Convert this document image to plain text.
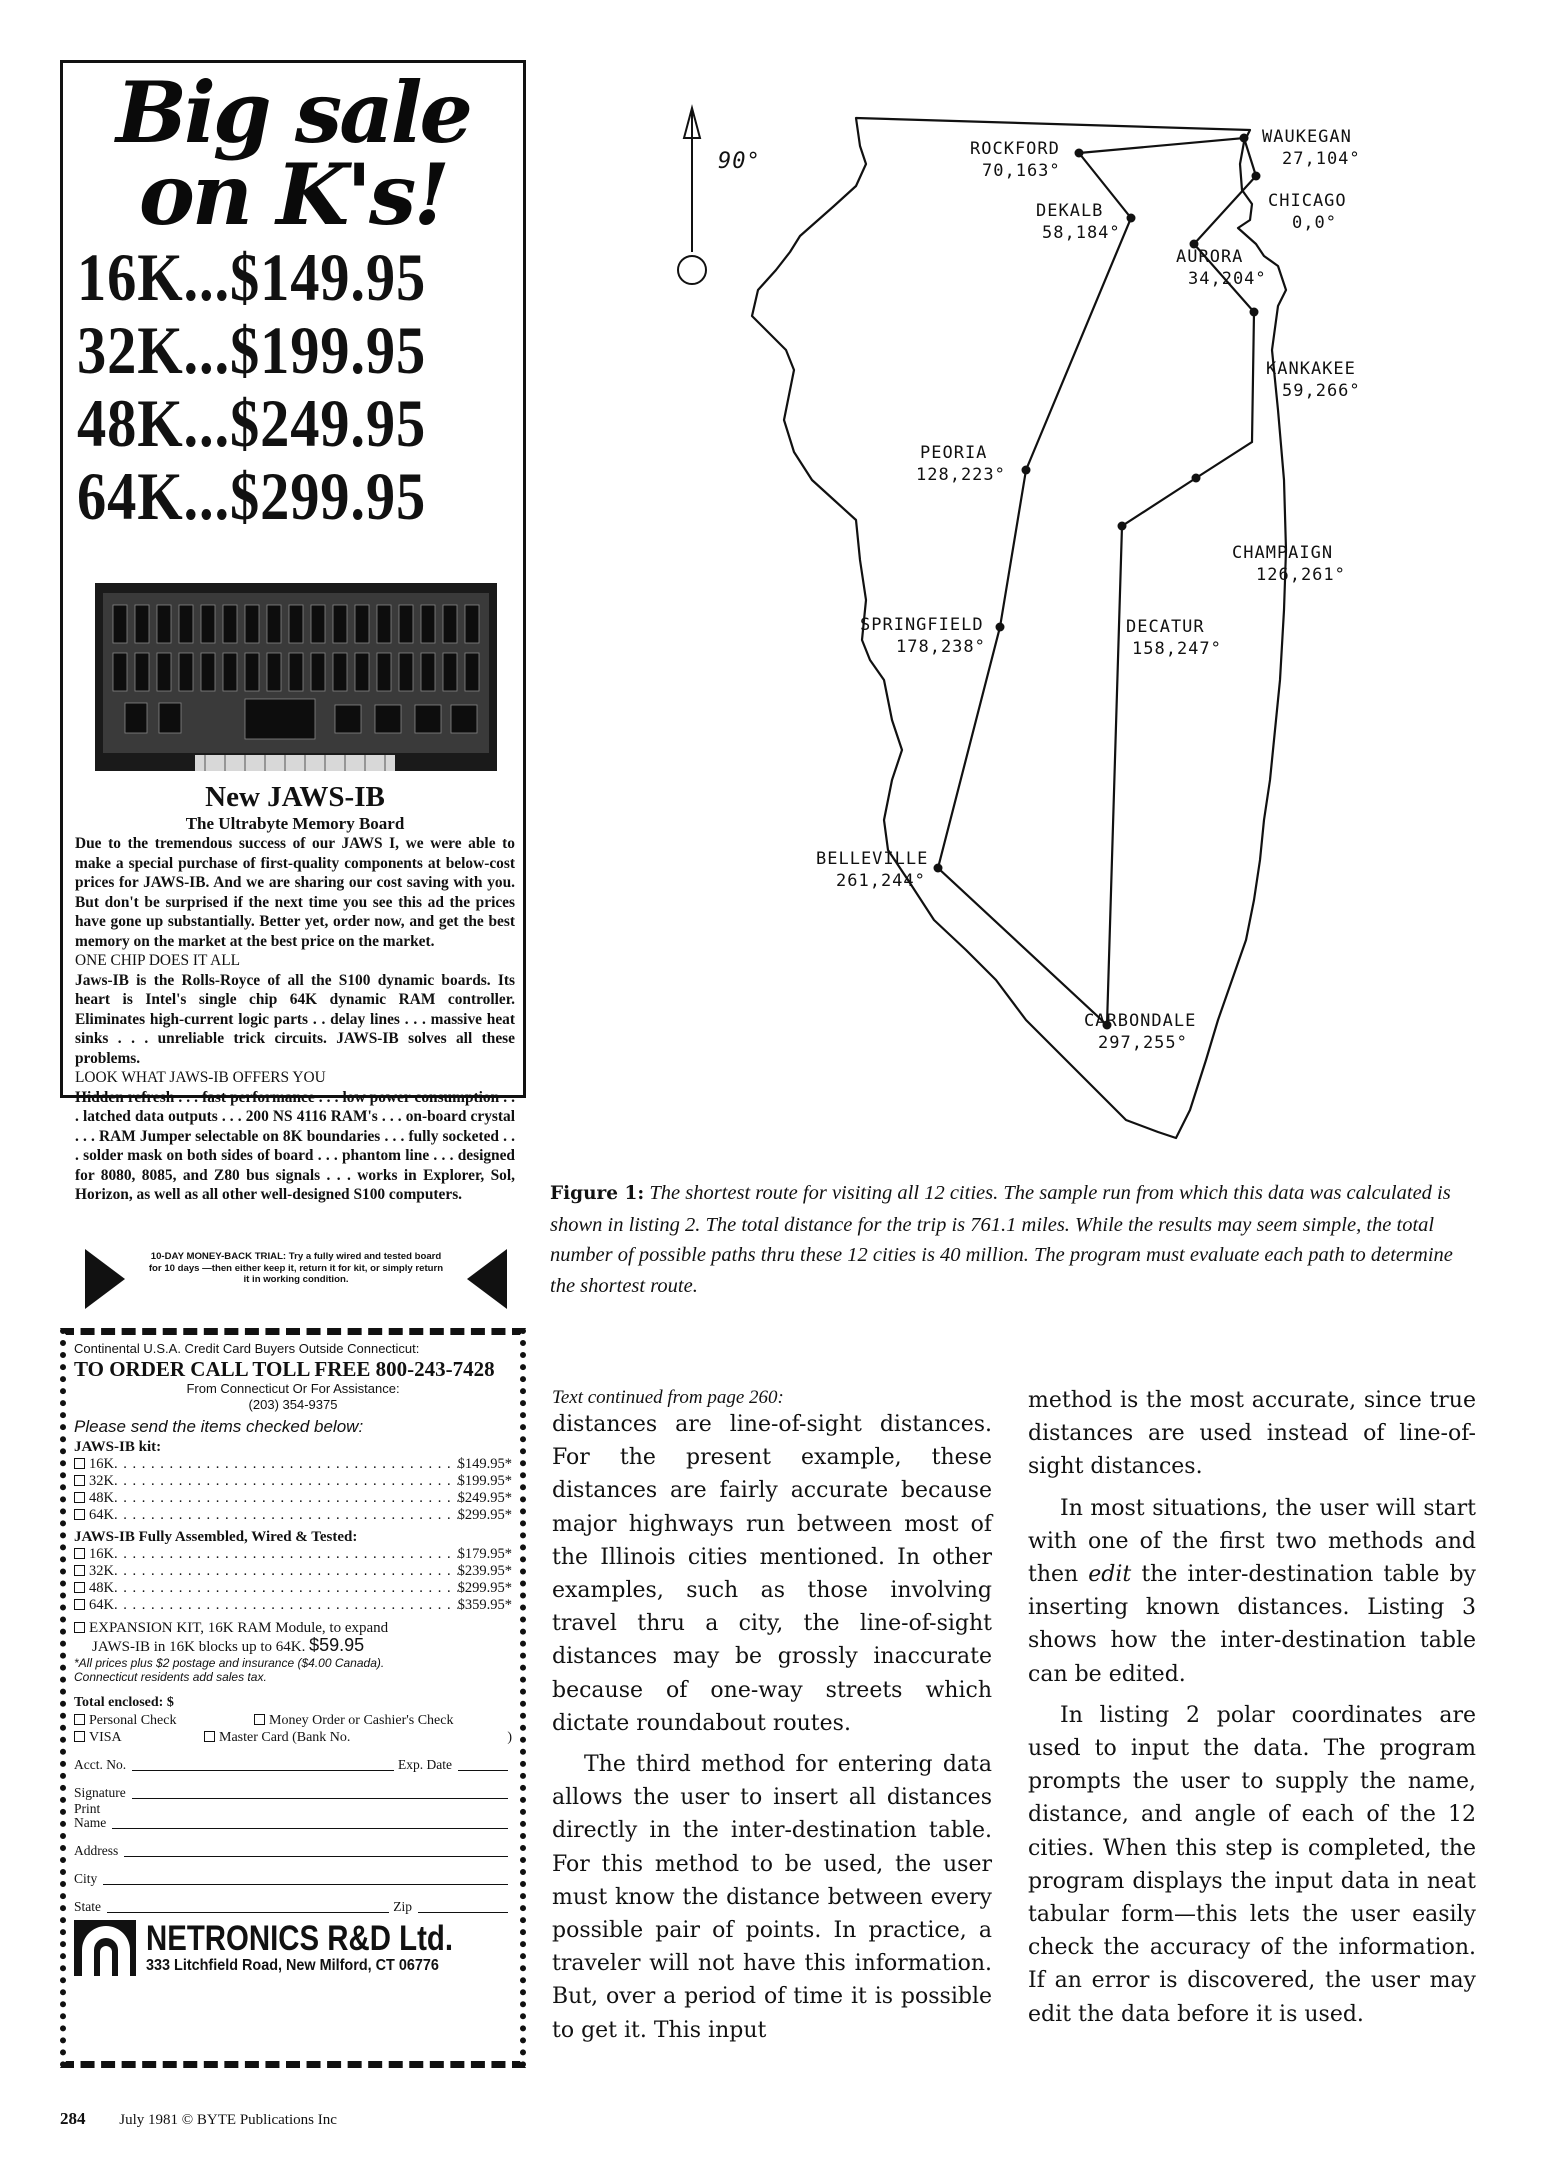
Big sale
on K's!
16K...$149.95
32K...$199.95
48K...$249.95
64K...$299.95
New JAWS-IB
The Ultrabyte Memory Board
Due to the tremendous success of our JAWS I, we were able to make a special purchase of first-quality components at below-cost prices for JAWS-IB. And we are sharing our cost saving with you. But don't be surprised if the next time you see this ad the prices have gone up substantially. Better yet, order now, and get the best memory on the market at the best price on the market.
ONE CHIP DOES IT ALL
Jaws-IB is the Rolls-Royce of all the S100 dynamic boards. Its heart is Intel's single chip 64K dynamic RAM controller. Eliminates high-current logic parts . . delay lines . . . massive heat sinks . . . unreliable trick circuits. JAWS-IB solves all these problems.
LOOK WHAT JAWS-IB OFFERS YOU
Hidden refresh . . . fast performance . . . low power consumption . . . latched data outputs . . . 200 NS 4116 RAM's . . . on-board crystal . . . RAM Jumper selectable on 8K boundaries . . . fully socketed . . . solder mask on both sides of board . . . phantom line . . . designed for 8080, 8085, and Z80 bus signals . . . works in Explorer, Sol, Horizon, as well as all other well-designed S100 computers.
10-DAY MONEY-BACK TRIAL: Try a fully wired and tested board for 10 days —then either keep it, return it for kit, or simply return it in working condition.
Continental U.S.A. Credit Card Buyers Outside Connecticut:
TO ORDER CALL TOLL FREE 800-243-7428
From Connecticut Or For Assistance:
(203) 354-9375
Please send the items checked below:
JAWS-IB kit:
16K . . .	$149.95*
32K . . .	$199.95*
48K . . .	$249.95*
64K . . .	$299.95*
JAWS-IB Fully Assembled, Wired & Tested:
16K . . .	$179.95*
32K . . .	$239.95*
48K . . .	$299.95*
64K . . .	$359.95*
EXPANSION KIT, 16K RAM Module, to expand
JAWS-IB in 16K blocks up to 64K. $59.95
*All prices plus $2 postage and insurance ($4.00 Canada).
Connecticut residents add sales tax.
Total enclosed: $
Personal Check	Money Order or Cashier's Check
VISA	Master Card (Bank No.	)
Acct. No.	Exp. Date
Signature
Print
Name
Address
City
State	Zip
NETRONICS R&D Ltd.
333 Litchfield Road, New Milford, CT 06776
90°	ROCKFORD
70,163°
WAUKEGAN
27,104°
CHICAGO
0,0°
DEKALB
58,184°
AURORA
34,204°
KANKAKEE
59,266°
PEORIA
128,223°
CHAMPAIGN
126,261°
SPRINGFIELD
178,238°
DECATUR
158,247°
BELLEVILLE
261,244°
CARBONDALE
297,255°
Figure 1: The shortest route for visiting all 12 cities. The sample run from which this data was calculated is shown in listing 2. The total distance for the trip is 761.1 miles. While the results may seem simple, the total number of possible paths thru these 12 cities is 40 million. The program must evaluate each path to determine the shortest route.
Text continued from page 260:

distances are line-of-sight distances. For the present example, these distances are fairly accurate because major highways run between most of the Illinois cities mentioned. In other examples, such as those involving travel thru a city, the line-of-sight distances may be grossly inaccurate because of one-way streets which dictate roundabout routes.

The third method for entering data allows the user to insert all distances directly in the inter-destination table. For this method to be used, the user must know the distance between every possible pair of points. In practice, a traveler will not have this information. But, over a period of time it is possible to get it. This input

method is the most accurate, since true distances are used instead of line-of-sight distances.

In most situations, the user will start with one of the first two methods and then edit the inter-destination table by inserting known distances. Listing 3 shows how the inter-destination table can be edited.

In listing 2 polar coordinates are used to input the data. The program prompts the user to supply the name, distance, and angle of each of the 12 cities. When this step is completed, the program displays the input data in neat tabular form—this lets the user easily check the accuracy of the information. If an error is discovered, the user may edit the data before it is used.

284 July 1981 © BYTE Publications Inc
